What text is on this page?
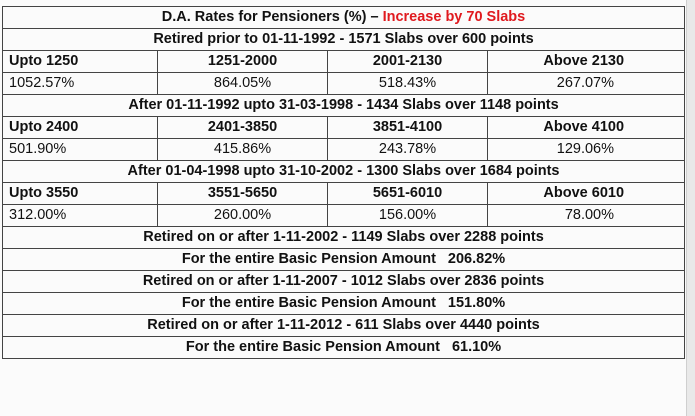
D.A. Rates for Pensioners (%) – Increase by 70 Slabs			
Retired prior to 01-11-1992 - 1571 Slabs over 600 points			
Upto 1250	1251-2000	2001-2130	Above 2130
1052.57%	864.05%	518.43%	267.07%
After 01-11-1992 upto 31-03-1998 - 1434 Slabs over 1148 points			
Upto 2400	2401-3850	3851-4100	Above 4100
501.90%	415.86%	243.78%	129.06%
After 01-04-1998 upto 31-10-2002 - 1300 Slabs over 1684 points			
Upto 3550	3551-5650	5651-6010	Above 6010
312.00%	260.00%	156.00%	78.00%
Retired on or after 1-11-2002 - 1149 Slabs over 2288 points			
For the entire Basic Pension Amount 206.82%			
Retired on or after 1-11-2007 - 1012 Slabs over 2836 points			
For the entire Basic Pension Amount 151.80%			
Retired on or after 1-11-2012 - 611 Slabs over 4440 points			
For the entire Basic Pension Amount 61.10%			
